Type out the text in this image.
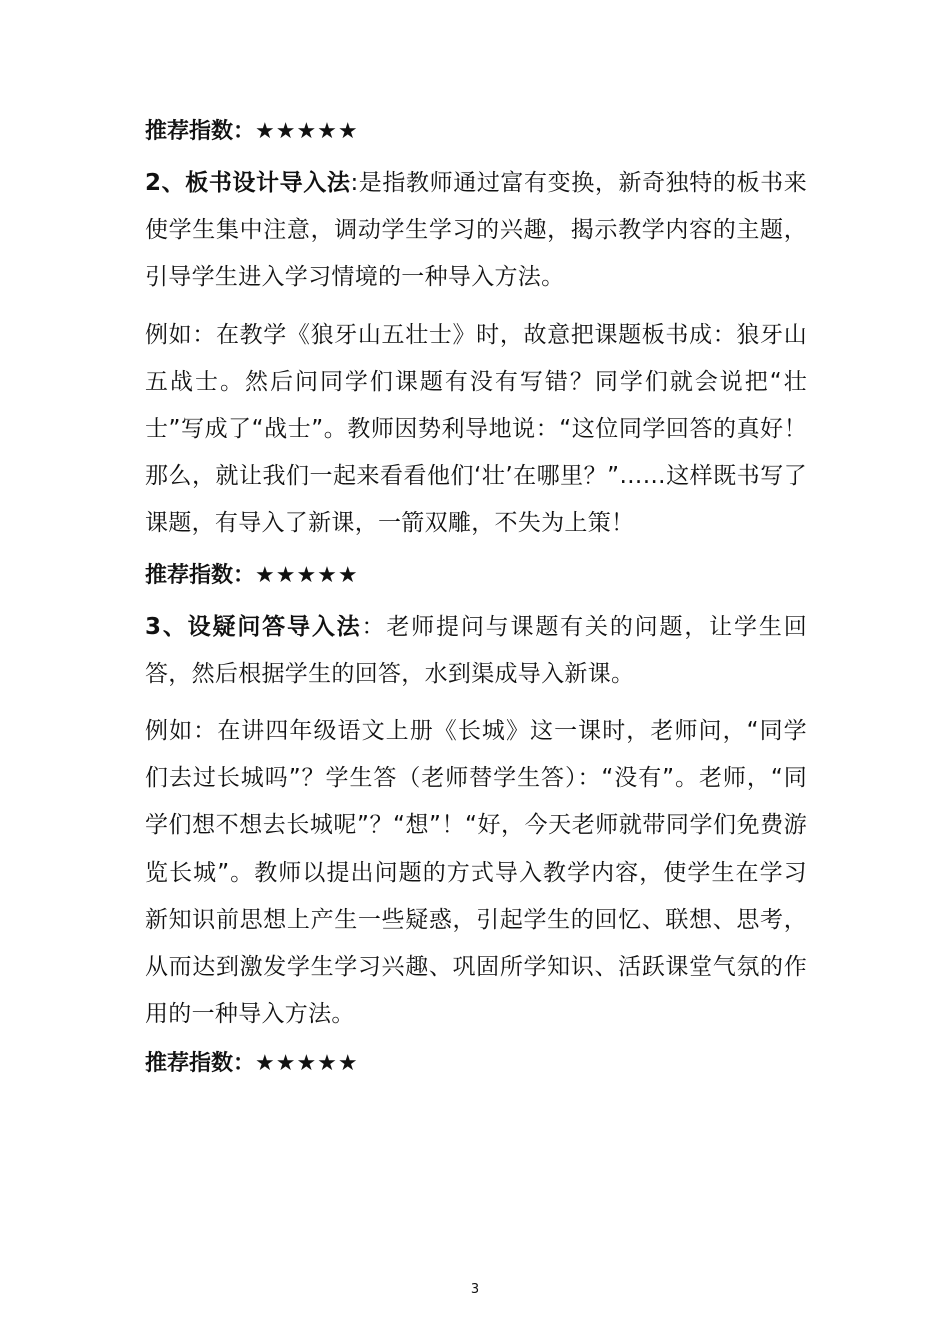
推荐指数：★★★★★

2、板书设计导入法:是指教师通过富有变换，新奇独特的板书来使学生集中注意，调动学生学习的兴趣，揭示教学内容的主题，引导学生进入学习情境的一种导入方法。

例如：在教学《狼牙山五壮士》时，故意把课题板书成：狼牙山五战士。然后问同学们课题有没有写错？同学们就会说把“壮士”写成了“战士”。教师因势利导地说：“这位同学回答的真好！那么，就让我们一起来看看他们‘壮’在哪里？”……这样既书写了课题，有导入了新课，一箭双雕，不失为上策！

推荐指数：★★★★★

3、设疑问答导入法：老师提问与课题有关的问题，让学生回答，然后根据学生的回答，水到渠成导入新课。

例如：在讲四年级语文上册《长城》这一课时，老师问，“同学们去过长城吗”？学生答（老师替学生答）：“没有”。老师，“同学们想不想去长城呢”？“想”！“好，今天老师就带同学们免费游览长城”。教师以提出问题的方式导入教学内容，使学生在学习新知识前思想上产生一些疑惑，引起学生的回忆、联想、思考，从而达到激发学生学习兴趣、巩固所学知识、活跃课堂气氛的作用的一种导入方法。

推荐指数：★★★★★
3
